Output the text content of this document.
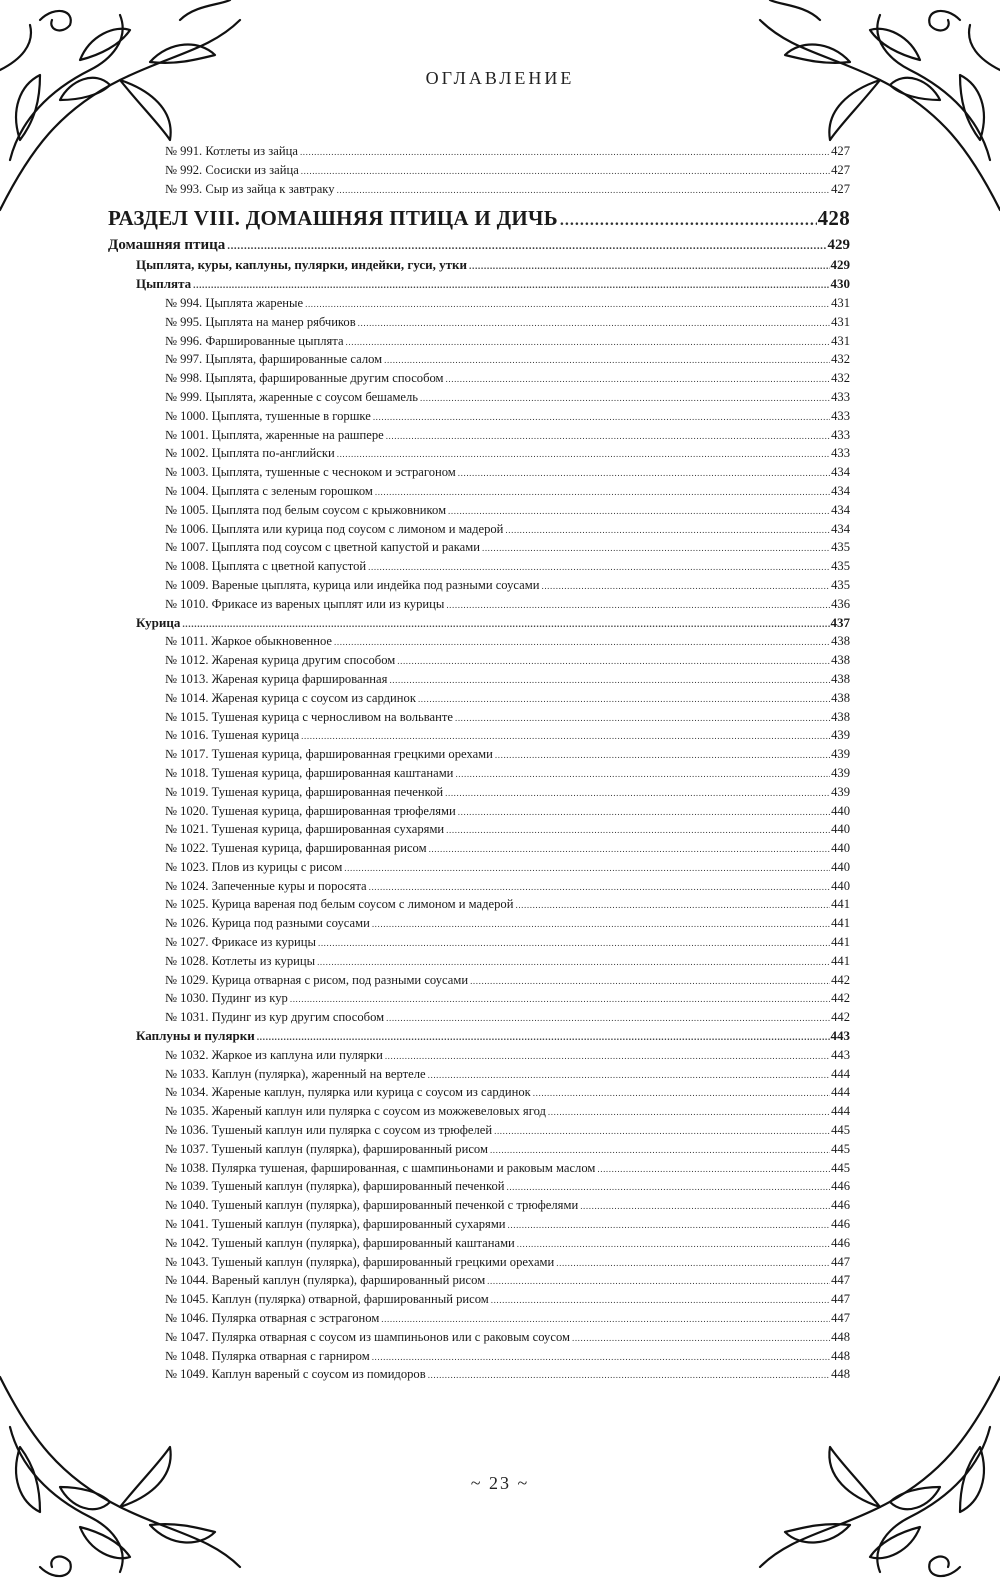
ОГЛАВЛЕНИЕ
№ 991. Котлеты из зайца .....	427
№ 992. Сосиски из зайца .....	427
№ 993. Сыр из зайца к завтраку .....	427
РАЗДЕЛ VIII. ДОМАШНЯЯ ПТИЦА И ДИЧЬ .....	428
Домашняя птица .....	429
Цыплята, куры, каплуны, пулярки, индейки, гуси, утки .....	429
Цыплята .....	430
№ 994. Цыплята жареные .....	431
№ 995. Цыплята на манер рябчиков .....	431
№ 996. Фаршированные цыплята .....	431
№ 997. Цыплята, фаршированные салом .....	432
№ 998. Цыплята, фаршированные другим способом .....	432
№ 999. Цыплята, жаренные с соусом бешамель .....	433
№ 1000. Цыплята, тушенные в горшке .....	433
№ 1001. Цыплята, жаренные на рашпере .....	433
№ 1002. Цыплята по-английски .....	433
№ 1003. Цыплята, тушенные с чесноком и эстрагоном .....	434
№ 1004. Цыплята с зеленым горошком .....	434
№ 1005. Цыплята под белым соусом с крыжовником .....	434
№ 1006. Цыплята или курица под соусом с лимоном и мадерой .....	434
№ 1007. Цыплята под соусом с цветной капустой и раками .....	435
№ 1008. Цыплята с цветной капустой .....	435
№ 1009. Вареные цыплята, курица или индейка под разными соусами .....	435
№ 1010. Фрикасе из вареных цыплят или из курицы .....	436
Курица .....	437
№ 1011. Жаркое обыкновенное .....	438
№ 1012. Жареная курица другим способом .....	438
№ 1013. Жареная курица фаршированная .....	438
№ 1014. Жареная курица с соусом из сардинок .....	438
№ 1015. Тушеная курица с черносливом на вольванте .....	438
№ 1016. Тушеная курица .....	439
№ 1017. Тушеная курица, фаршированная грецкими орехами .....	439
№ 1018. Тушеная курица, фаршированная каштанами .....	439
№ 1019. Тушеная курица, фаршированная печенкой .....	439
№ 1020. Тушеная курица, фаршированная трюфелями .....	440
№ 1021. Тушеная курица, фаршированная сухарями .....	440
№ 1022. Тушеная курица, фаршированная рисом .....	440
№ 1023. Плов из курицы с рисом .....	440
№ 1024. Запеченные куры и поросята .....	440
№ 1025. Курица вареная под белым соусом с лимоном и мадерой .....	441
№ 1026. Курица под разными соусами .....	441
№ 1027. Фрикасе из курицы .....	441
№ 1028. Котлеты из курицы .....	441
№ 1029. Курица отварная с рисом, под разными соусами .....	442
№ 1030. Пудинг из кур .....	442
№ 1031. Пудинг из кур другим способом .....	442
Каплуны и пулярки .....	443
№ 1032. Жаркое из каплуна или пулярки .....	443
№ 1033. Каплун (пулярка), жаренный на вертеле .....	444
№ 1034. Жареные каплун, пулярка или курица с соусом из сардинок .....	444
№ 1035. Жареный каплун или пулярка с соусом из можжевеловых ягод .....	444
№ 1036. Тушеный каплун или пулярка с соусом из трюфелей .....	445
№ 1037. Тушеный каплун (пулярка), фаршированный рисом .....	445
№ 1038. Пулярка тушеная, фаршированная, с шампиньонами и раковым маслом .....	445
№ 1039. Тушеный каплун (пулярка), фаршированный печенкой .....	446
№ 1040. Тушеный каплун (пулярка), фаршированный печенкой с трюфелями .....	446
№ 1041. Тушеный каплун (пулярка), фаршированный сухарями .....	446
№ 1042. Тушеный каплун (пулярка), фаршированный каштанами .....	446
№ 1043. Тушеный каплун (пулярка), фаршированный грецкими орехами .....	447
№ 1044. Вареный каплун (пулярка), фаршированный рисом .....	447
№ 1045. Каплун (пулярка) отварной, фаршированный рисом .....	447
№ 1046. Пулярка отварная с эстрагоном .....	447
№ 1047. Пулярка отварная с соусом из шампиньонов или с раковым соусом .....	448
№ 1048. Пулярка отварная с гарниром .....	448
№ 1049. Каплун вареный с соусом из помидоров .....	448
~ 23 ~
